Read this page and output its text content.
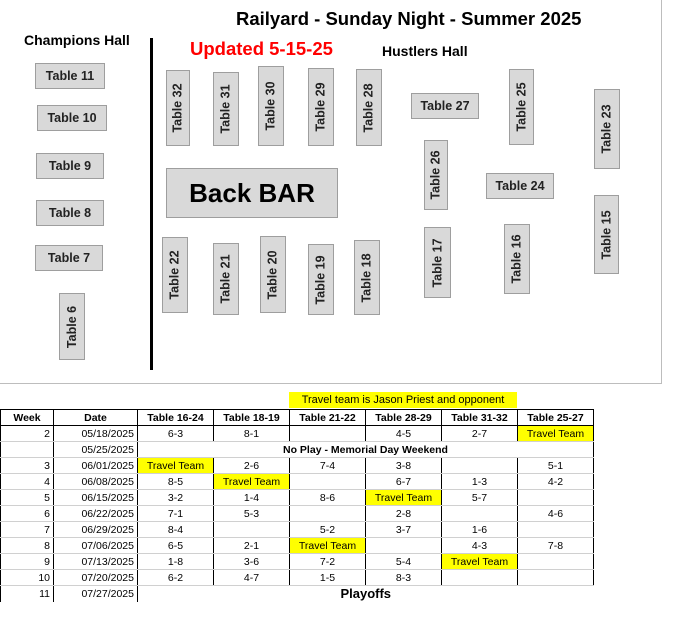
Railyard - Sunday Night - Summer 2025
Updated 5-15-25
Champions Hall
Hustlers Hall
Table 11
Table 10
Table 9
Table 8
Table 7
Table 6
Table 32	Table 31 Table 30	Table 29	Table 28	Table 27	Table 25	Table 23
Back BAR	Table 26	Table 24
Table 15
Table 22	Table 21	Table 20	Table 19	Table 18	Table 17	Table 16
Travel team is Jason Priest and opponent
Week	Date	Table 16-24	Table 18-19	Table 21-22	Table 28-29	Table 31-32	Table 25-27
2	05/18/2025	6-3	8-1		4-5	2-7	Travel Team
	05/25/2025	No Play - Memorial Day Weekend					
3	06/01/2025	Travel Team	2-6	7-4	3-8		5-1
4	06/08/2025	8-5	Travel Team		6-7	1-3	4-2
5	06/15/2025	3-2	1-4	8-6	Travel Team	5-7	
6	06/22/2025	7-1	5-3		2-8		4-6
7	06/29/2025	8-4		5-2	3-7	1-6	
8	07/06/2025	6-5	2-1	Travel Team		4-3	7-8
9	07/13/2025	1-8	3-6	7-2	5-4	Travel Team	
10	07/20/2025	6-2	4-7	1-5	8-3		
11	07/27/2025	Playoffs					
